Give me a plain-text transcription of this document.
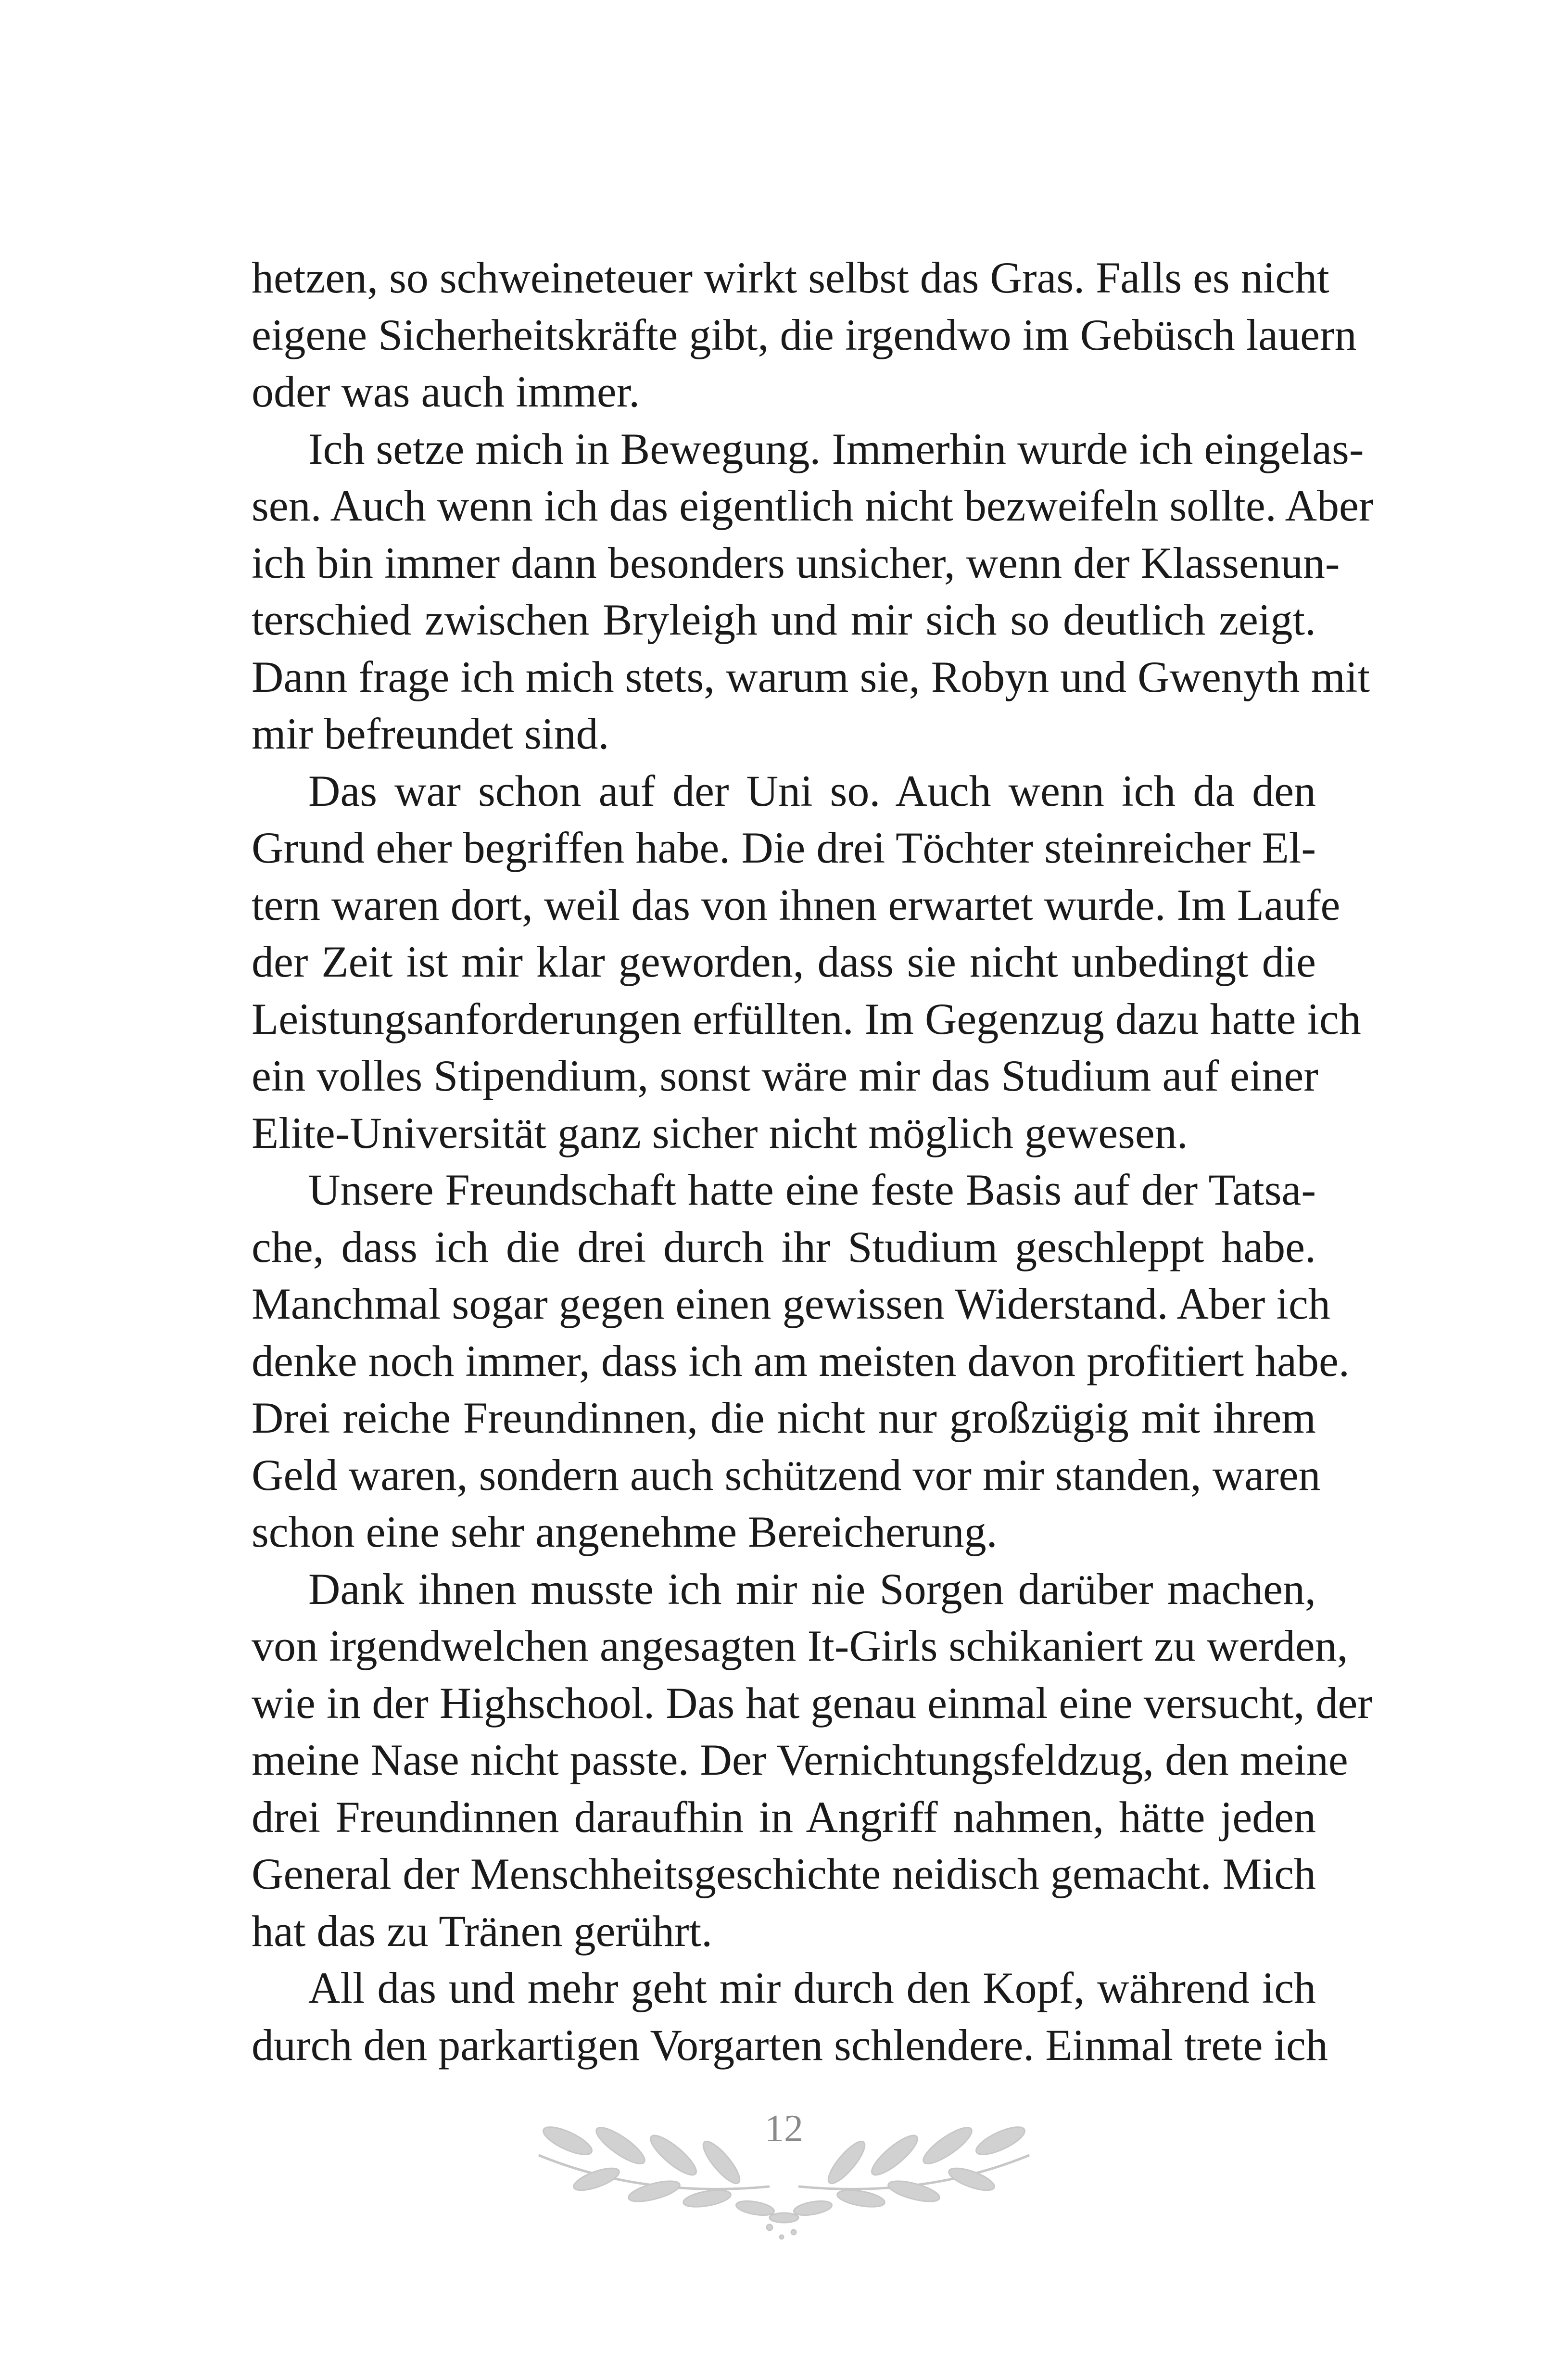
hetzen, so schweineteuer wirkt selbst das Gras. Falls es nicht
eigene Sicherheitskräfte gibt, die irgendwo im Gebüsch lauern
oder was auch immer.
Ich setze mich in Bewegung. Immerhin wurde ich eingelas-
sen. Auch wenn ich das eigentlich nicht bezweifeln sollte. Aber
ich bin immer dann besonders unsicher, wenn der Klassenun-
terschied zwischen Bryleigh und mir sich so deutlich zeigt.
Dann frage ich mich stets, warum sie, Robyn und Gwenyth mit
mir befreundet sind.
Das war schon auf der Uni so. Auch wenn ich da den
Grund eher begriffen habe. Die drei Töchter steinreicher El-
tern waren dort, weil das von ihnen erwartet wurde. Im Laufe
der Zeit ist mir klar geworden, dass sie nicht unbedingt die
Leistungsanforderungen erfüllten. Im Gegenzug dazu hatte ich
ein volles Stipendium, sonst wäre mir das Studium auf einer
Elite-Universität ganz sicher nicht möglich gewesen.
Unsere Freundschaft hatte eine feste Basis auf der Tatsa-
che, dass ich die drei durch ihr Studium geschleppt habe.
Manchmal sogar gegen einen gewissen Widerstand. Aber ich
denke noch immer, dass ich am meisten davon profitiert habe.
Drei reiche Freundinnen, die nicht nur großzügig mit ihrem
Geld waren, sondern auch schützend vor mir standen, waren
schon eine sehr angenehme Bereicherung.
Dank ihnen musste ich mir nie Sorgen darüber machen,
von irgendwelchen angesagten It-Girls schikaniert zu werden,
wie in der Highschool. Das hat genau einmal eine versucht, der
meine Nase nicht passte. Der Vernichtungsfeldzug, den meine
drei Freundinnen daraufhin in Angriff nahmen, hätte jeden
General der Menschheitsgeschichte neidisch gemacht. Mich
hat das zu Tränen gerührt.
All das und mehr geht mir durch den Kopf, während ich
durch den parkartigen Vorgarten schlendere. Einmal trete ich
12
